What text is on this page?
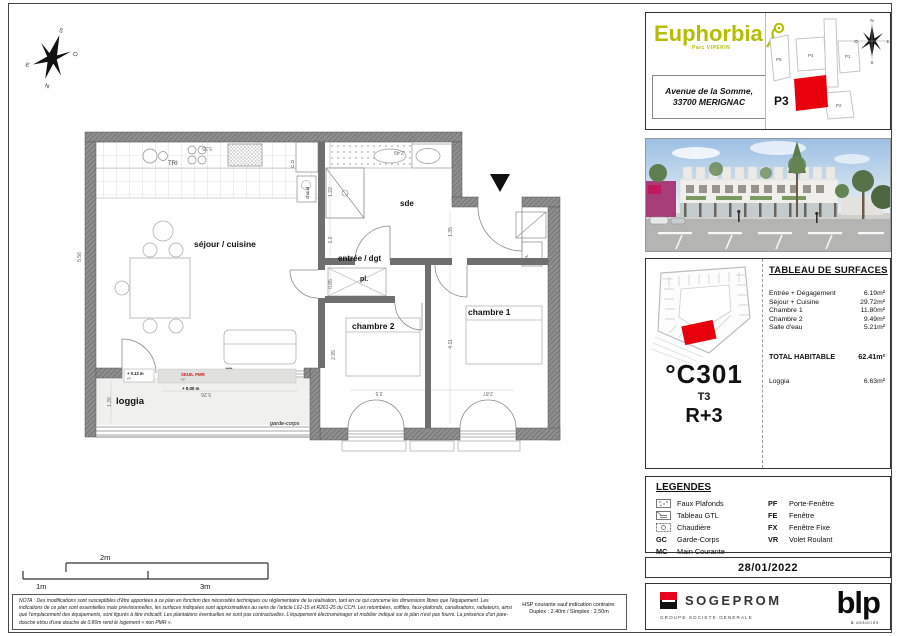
S
O
N
E
TRI	C.O
chaud
+ 0.13 m
PF
SEUIL PMR
PF
+ 0.00 m
séjour / cuisine
entrée / dgt
pl.
sde
chambre 2
chambre 1
loggia
garde-corps
5.56
5.35
2.49
1.22
1.2
0.85
1.35
2.95
4.11
2.5	2.87
5.26
1.26
2m
1m	3m
HSP courante sauf indication contraire:
Duplex : 2.40m / Simplex : 2.50m
NOTA : Des modifications sont susceptibles d'être apportées à ce plan en fonction des nécessités techniques ou réglementaire de la réalisation, tant en ce qui concerne les dimensions libres que l'équipement. Les indications de ce plan sont essentielles mais prévisionnelles, les surfaces indiquées sont approximatives au sens de l'article L61-15 et R261-25 du CCH. Les retombées, soffites, faux-plafonds, canalisations, radiateurs, ainsi que l'emplacement des équipements, sont figurés à titre indicatif. Les plantations éventuelles ne sont pas contractuelles. L'équipement électroménager et mobilier indiqué sur le plan n'est pas fourni. La présence d'un pare-douche et/ou d'une douche de 0.80m rend le logement « non PMR ».
Euphorbia
Parc VIPERIN
Avenue de la Somme,
33700 MERIGNAC
P5
P4	P1
P2
P3
N
O	E
S
°C301
T3
R+3
TABLEAU DE SURFACES
Entrée + Dégagement	6.19m²
Séjour + Cuisine	29.72m²
Chambre 1	11.80m²
Chambre 2	9.49m²
Salle d'eau	5.21m²
TOTAL HABITABLE	62.41m²
Loggia	6.63m²
LEGENDES
Faux Plafonds
Tableau GTL
Chaudière
GC	Garde-Corps
MC	Main Courante
PF	Porte-Fenêtre
FE	Fenêtre
FX	Fenêtre Fixe
VR	Volet Roulant
28/01/2022
SOGEPROM
GROUPE SOCIETE GENERALE	blp
& associés
